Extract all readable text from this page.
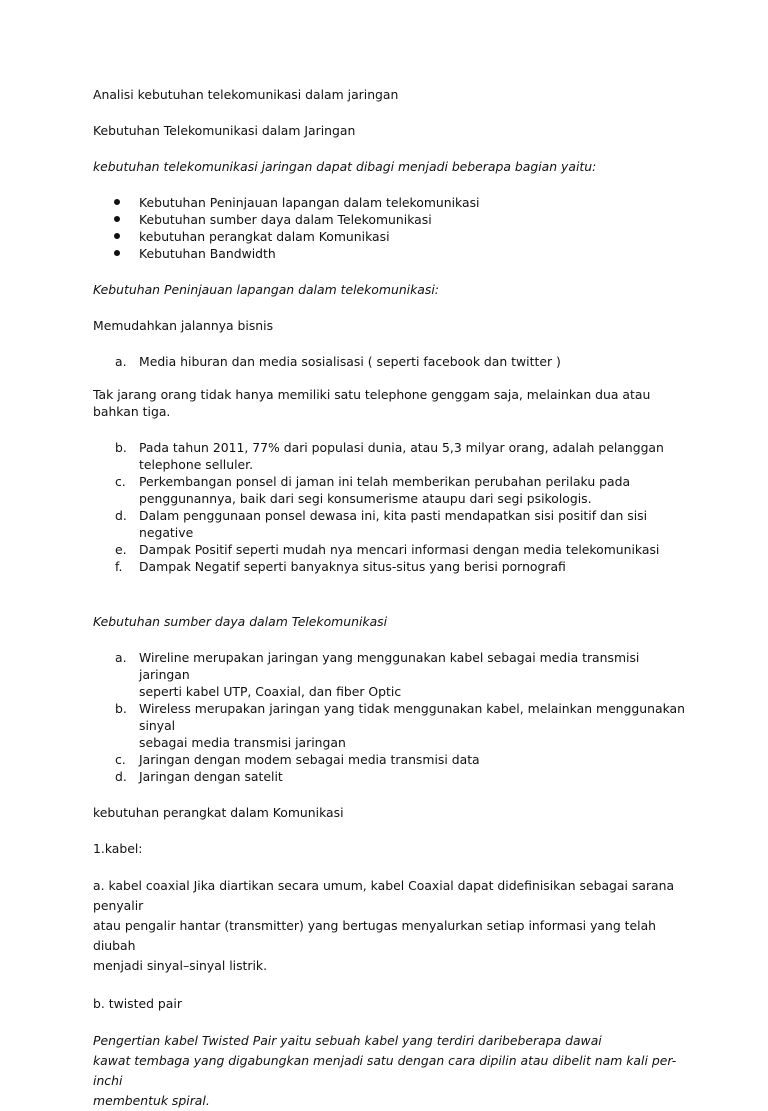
Analisi kebutuhan telekomunikasi dalam jaringan

Kebutuhan Telekomunikasi dalam Jaringan

kebutuhan telekomunikasi jaringan dapat dibagi menjadi beberapa bagian yaitu:

Kebutuhan Peninjauan lapangan dalam telekomunikasi
Kebutuhan sumber daya dalam Telekomunikasi
kebutuhan perangkat dalam Komunikasi
Kebutuhan Bandwidth

Kebutuhan Peninjauan lapangan dalam telekomunikasi:

Memudahkan jalannya bisnis

a. Media hiburan dan media sosialisasi ( seperti facebook dan twitter )

Tak jarang orang tidak hanya memiliki satu telephone genggam saja, melainkan dua atau bahkan tiga.

b. Pada tahun 2011, 77% dari populasi dunia, atau 5,3 milyar orang, adalah pelanggan
telephone selluler.
c. Perkembangan ponsel di jaman ini telah memberikan perubahan perilaku pada
penggunannya, baik dari segi konsumerisme ataupu dari segi psikologis.
d. Dalam penggunaan ponsel dewasa ini, kita pasti mendapatkan sisi positif dan sisi negative
e. Dampak Positif seperti mudah nya mencari informasi dengan media telekomunikasi
f. Dampak Negatif seperti banyaknya situs-situs yang berisi pornografi

Kebutuhan sumber daya dalam Telekomunikasi

a. Wireline merupakan jaringan yang menggunakan kabel sebagai media transmisi jaringan
seperti kabel UTP, Coaxial, dan fiber Optic
b. Wireless merupakan jaringan yang tidak menggunakan kabel, melainkan menggunakan sinyal
sebagai media transmisi jaringan
c. Jaringan dengan modem sebagai media transmisi data
d. Jaringan dengan satelit

kebutuhan perangkat dalam Komunikasi

1.kabel:

a. kabel coaxial Jika diartikan secara umum, kabel Coaxial dapat didefinisikan sebagai sarana penyalir
atau pengalir hantar (transmitter) yang bertugas menyalurkan setiap informasi yang telah diubah
menjadi sinyal–sinyal listrik.

b. twisted pair

Pengertian kabel Twisted Pair yaitu sebuah kabel yang terdiri daribeberapa dawai
kawat tembaga yang digabungkan menjadi satu dengan cara dipilin atau dibelit nam kali per-inchi
membentuk spiral.
